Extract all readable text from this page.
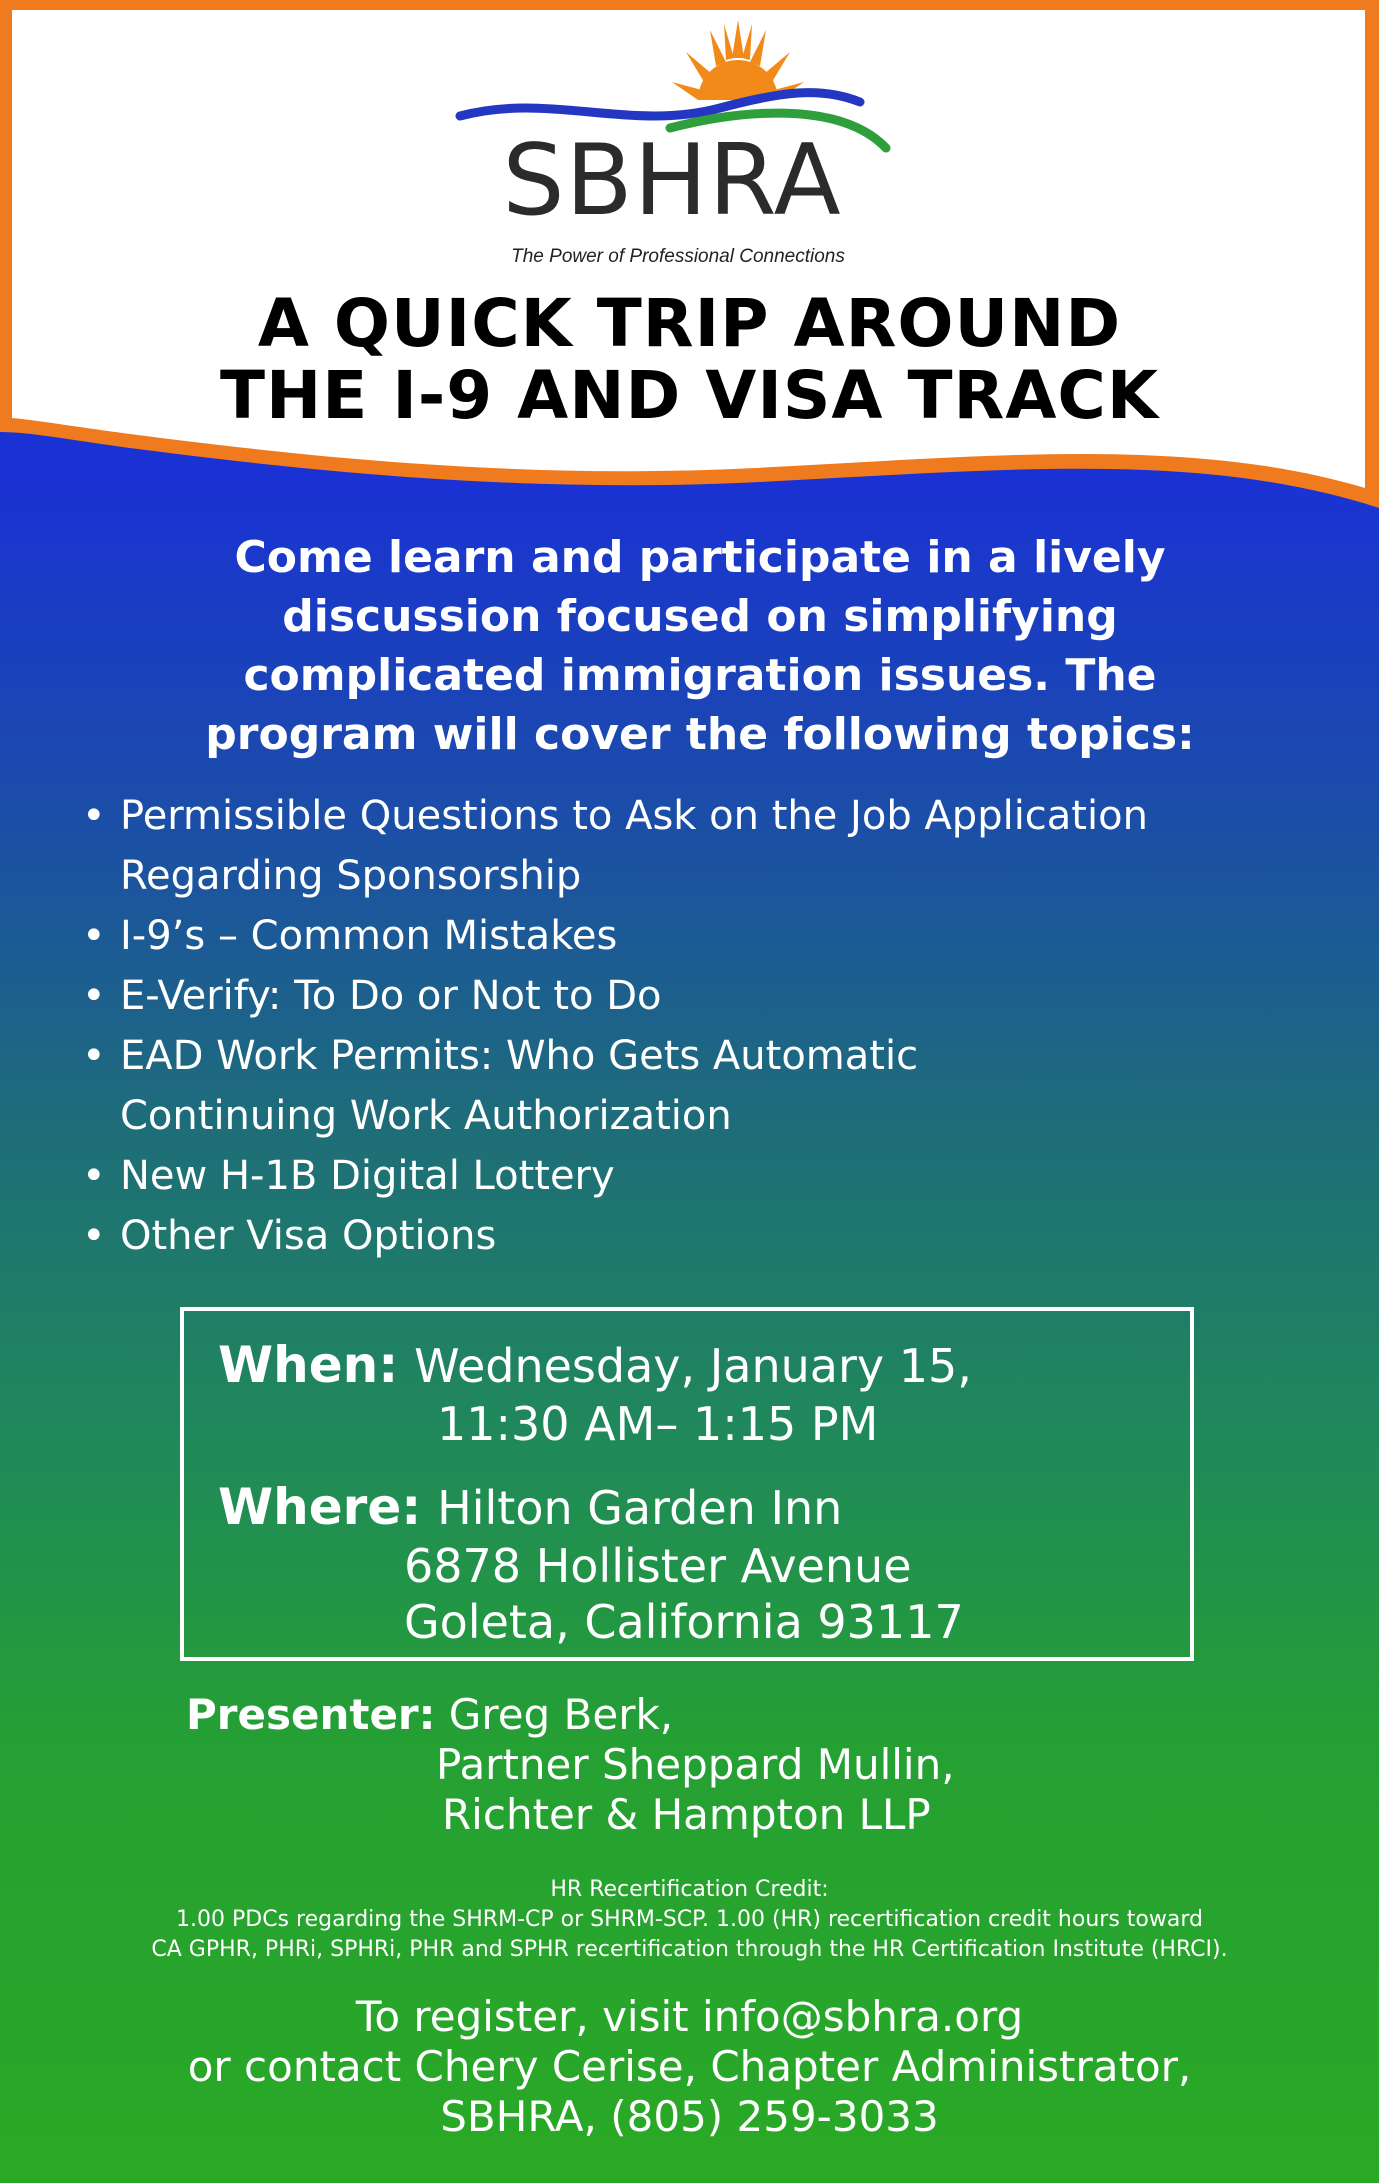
SBHRA
The Power of Professional Connections
A QUICK TRIP AROUND
THE I-9 AND VISA TRACK
Come learn and participate in a lively
discussion focused on simplifying
complicated immigration issues. The
program will cover the following topics:
• Permissible Questions to Ask on the Job Application
Regarding Sponsorship
• I-9’s – Common Mistakes
• E-Verify: To Do or Not to Do
• EAD Work Permits: Who Gets Automatic
Continuing Work Authorization
• New H-1B Digital Lottery
• Other Visa Options
When: Wednesday, January 15,
11:30 AM– 1:15 PM
Where: Hilton Garden Inn
6878 Hollister Avenue
Goleta, California 93117
Presenter: Greg Berk,
Partner Sheppard Mullin,
Richter & Hampton LLP
HR Recertification Credit:
1.00 PDCs regarding the SHRM-CP or SHRM-SCP. 1.00 (HR) recertification credit hours toward
CA GPHR, PHRi, SPHRi, PHR and SPHR recertification through the HR Certification Institute (HRCI).
To register, visit info@sbhra.org
or contact Chery Cerise, Chapter Administrator,
SBHRA, (805) 259-3033
